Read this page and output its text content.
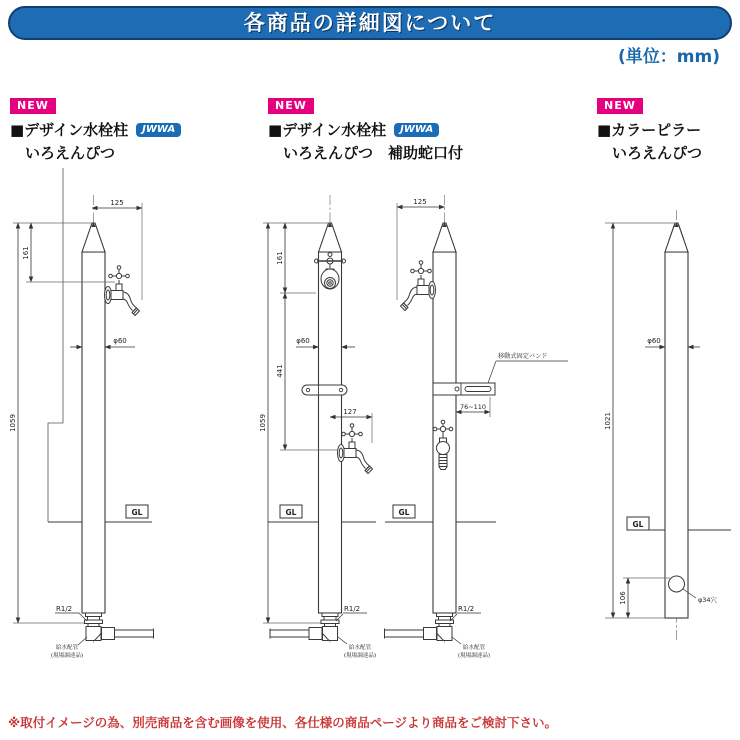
各商品の詳細図について
(単位：mm)
NEW
■デザイン水栓柱	JWWA
いろえんぴつ
NEW
■デザイン水栓柱	JWWA
いろえんぴつ　補助蛇口付
NEW
■カラーピラー
いろえんぴつ
125
161
1059
φ60
GL
R1/2
給水配管
(現場調達品)
161
1059
φ60
441
127
GL
R1/2
給水配管
(現場調達品)
125
移動式固定バンド
76~110
GL
R1/2
給水配管
(現場調達品)
1021
φ60
GL
φ34穴
106
※取付イメージの為、別売商品を含む画像を使用、各仕様の商品ページより商品をご検討下さい。
